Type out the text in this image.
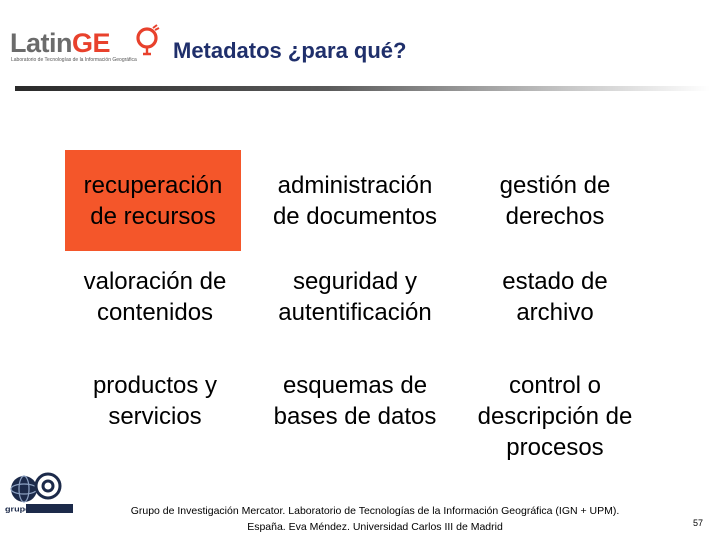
LatinGE
Laboratorio de Tecnologías de la Información Geográfica	Metadatos ¿para qué?
recuperación
de recursos
administración
de documentos
gestión de
derechos
valoración de
contenidos
seguridad y
autentificación
estado de
archivo
productos y
servicios
esquemas de
bases de datos
control o
descripción de
procesos
grupo mercator	Grupo de Investigación Mercator. Laboratorio de Tecnologías de la Información Geográfica (IGN + UPM).
España. Eva Méndez. Universidad Carlos III de Madrid	57
